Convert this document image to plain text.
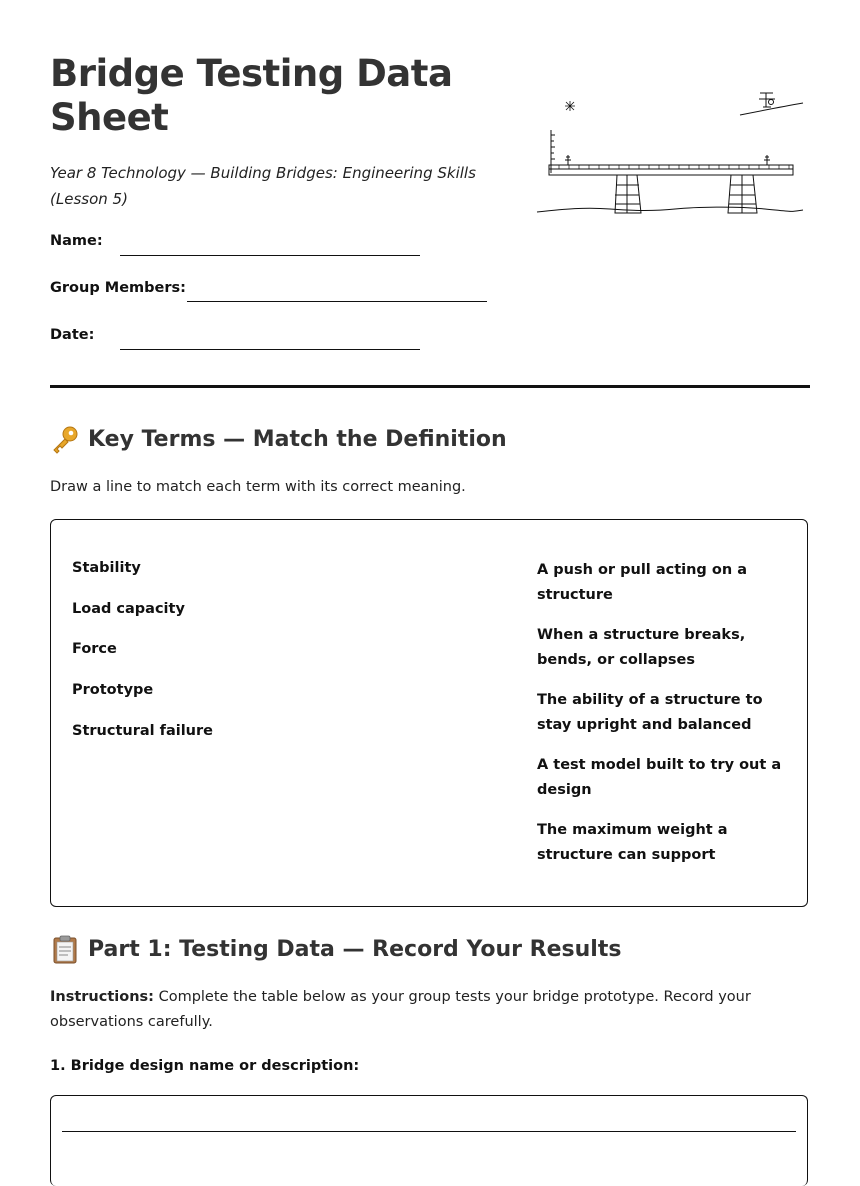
Bridge Testing Data Sheet

Year 8 Technology — Building Bridges: Engineering Skills (Lesson 5)

Name:
Group Members:
Date:
Key Terms — Match the Definition

Draw a line to match each term with its correct meaning.

Stability
Load capacity
Force
Prototype
Structural failure
A push or pull acting on a structure
When a structure breaks, bends, or collapses
The ability of a structure to stay upright and balanced
A test model built to try out a design
The maximum weight a structure can support
Part 1: Testing Data — Record Your Results

Instructions: Complete the table below as your group tests your bridge prototype. Record your observations carefully.

1. Bridge design name or description:
